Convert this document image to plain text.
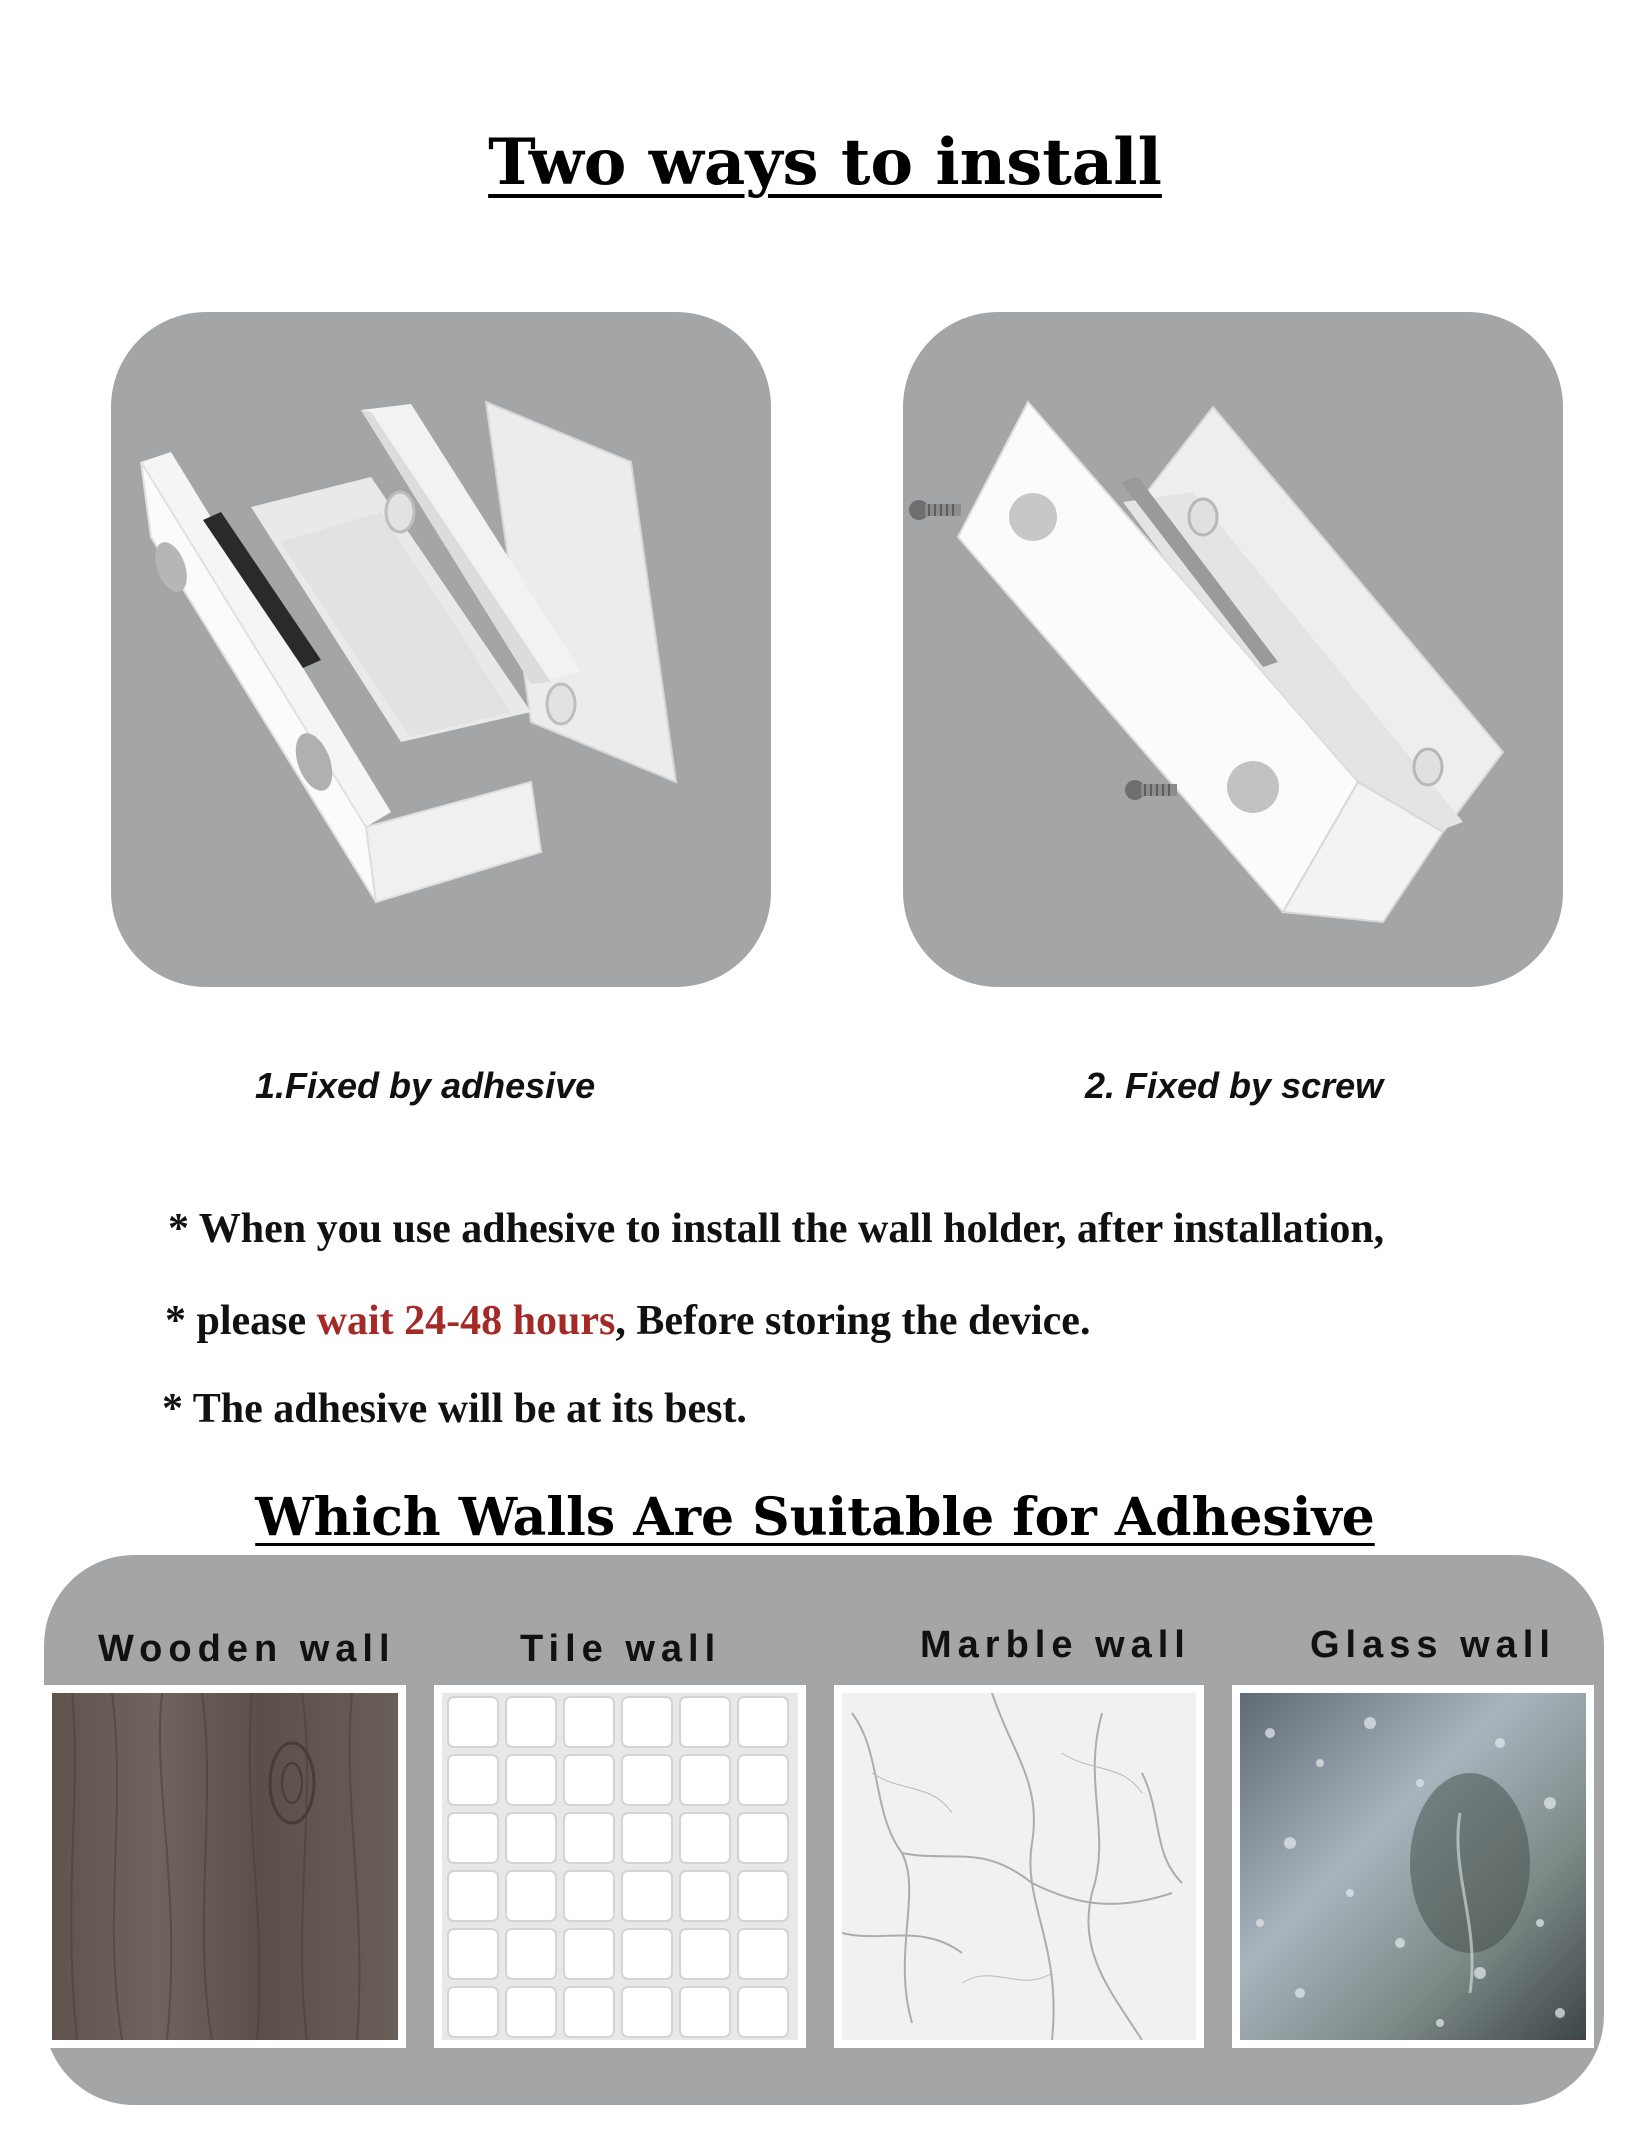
Two ways to install
1.Fixed by adhesive	2. Fixed by screw
* When you use adhesive to install the wall holder, after installation,
* please wait 24-48 hours, Before storing the device.
* The adhesive will be at its best.
Which Walls Are Suitable for Adhesive
Wooden wall	Tile wall	Marble wall	Glass wall
